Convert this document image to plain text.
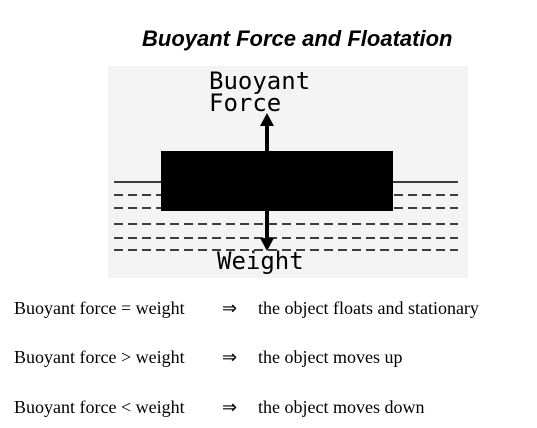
Buoyant Force and Floatation
Buoyant
Force
Weight
Buoyant force = weight ⇒ the object floats and stationary
Buoyant force > weight ⇒ the object moves up
Buoyant force < weight ⇒ the object moves down
